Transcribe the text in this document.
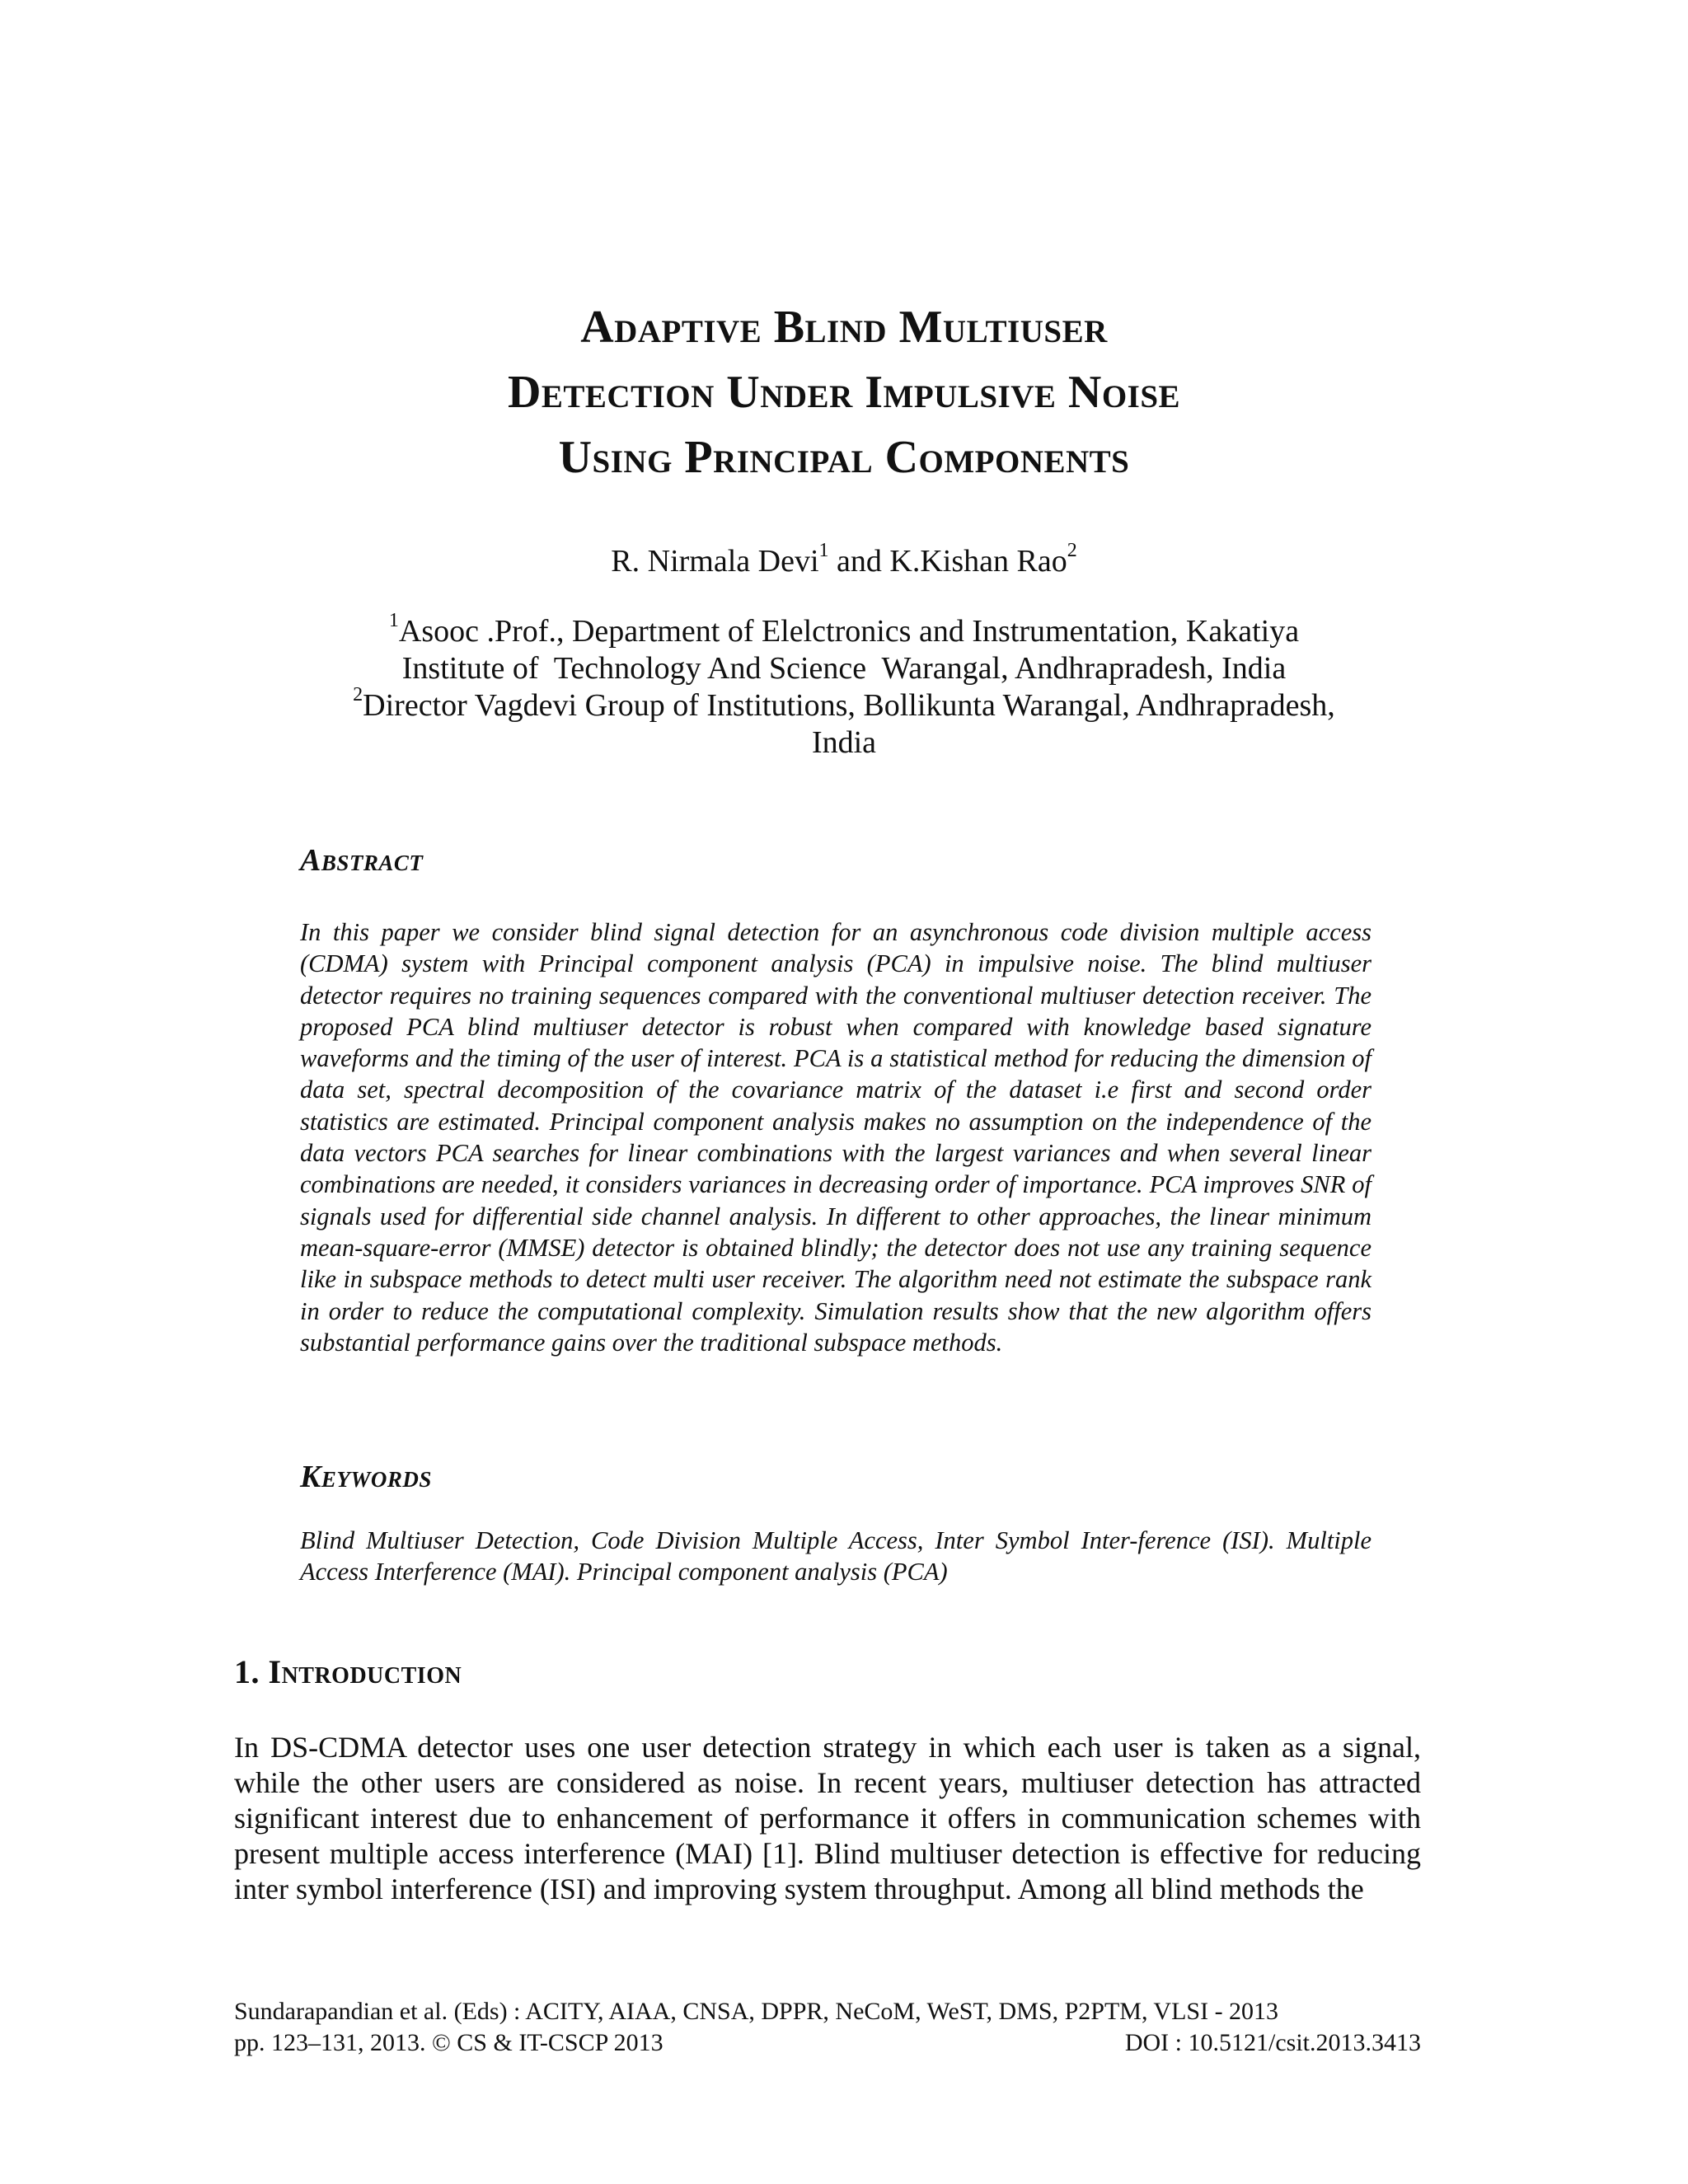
Adaptive Blind Multiuser
Detection Under Impulsive Noise
Using Principal Components
R. Nirmala Devi$^1$ and K.Kishan Rao$^2$
$^1$Asooc .Prof., Department of Elelctronics and Instrumentation, Kakatiya
Institute of  Technology And Science  Warangal, Andhrapradesh, India
$^2$Director Vagdevi Group of Institutions, Bollikunta Warangal, Andhrapradesh,
India
Abstract
In this paper we consider blind signal detection for an asynchronous code division multiple access (CDMA) system with Principal component analysis (PCA) in impulsive noise. The blind multiuser detector requires no training sequences compared with the conventional multiuser detection receiver. The proposed PCA blind multiuser detector is robust when compared with knowledge based signature waveforms and the timing of the user of interest. PCA is a statistical method for reducing the dimension of data set, spectral decomposition of the covariance matrix of the dataset i.e first and second order statistics are estimated. Principal component analysis makes no assumption on the independence of the data vectors PCA searches for linear combinations with the largest variances and when several linear combinations are needed, it considers variances in decreasing order of importance. PCA improves SNR of signals used for differential side channel analysis. In different to other approaches, the linear minimum mean-square-error (MMSE) detector is obtained blindly; the detector does not use any training sequence like in subspace methods to detect multi user receiver. The algorithm need not estimate the subspace rank in order to reduce the computational complexity. Simulation results show that the new algorithm offers substantial performance gains over the traditional subspace methods.
Keywords
Blind Multiuser Detection, Code Division Multiple Access, Inter Symbol Inter-ference (ISI). Multiple Access Interference (MAI). Principal component analysis (PCA)
1. Introduction
In DS-CDMA detector uses one user detection strategy in which each user is taken as a signal, while the other users are considered as noise. In recent years, multiuser detection has attracted significant interest due to enhancement of performance it offers in communication schemes with present multiple access interference (MAI) [1]. Blind multiuser detection is effective for reducing inter symbol interference (ISI) and improving system throughput. Among all blind methods the
Sundarapandian et al. (Eds) : ACITY, AIAA, CNSA, DPPR, NeCoM, WeST, DMS, P2PTM, VLSI - 2013
pp. 123–131, 2013. © CS & IT-CSCP 2013	DOI : 10.5121/csit.2013.3413
